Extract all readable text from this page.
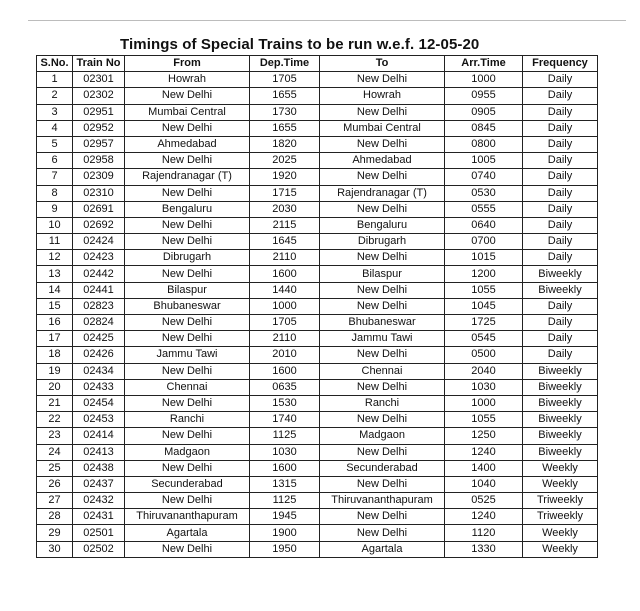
Timings of Special Trains to be run w.e.f. 12-05-20
S.No.	Train No	From	Dep.Time	To	Arr.Time	Frequency
1	02301	Howrah	1705	New Delhi	1000	Daily
2	02302	New Delhi	1655	Howrah	0955	Daily
3	02951	Mumbai Central	1730	New Delhi	0905	Daily
4	02952	New Delhi	1655	Mumbai Central	0845	Daily
5	02957	Ahmedabad	1820	New Delhi	0800	Daily
6	02958	New Delhi	2025	Ahmedabad	1005	Daily
7	02309	Rajendranagar (T)	1920	New Delhi	0740	Daily
8	02310	New Delhi	1715	Rajendranagar (T)	0530	Daily
9	02691	Bengaluru	2030	New Delhi	0555	Daily
10	02692	New Delhi	2115	Bengaluru	0640	Daily
11	02424	New Delhi	1645	Dibrugarh	0700	Daily
12	02423	Dibrugarh	2110	New Delhi	1015	Daily
13	02442	New Delhi	1600	Bilaspur	1200	Biweekly
14	02441	Bilaspur	1440	New Delhi	1055	Biweekly
15	02823	Bhubaneswar	1000	New Delhi	1045	Daily
16	02824	New Delhi	1705	Bhubaneswar	1725	Daily
17	02425	New Delhi	2110	Jammu Tawi	0545	Daily
18	02426	Jammu Tawi	2010	New Delhi	0500	Daily
19	02434	New Delhi	1600	Chennai	2040	Biweekly
20	02433	Chennai	0635	New Delhi	1030	Biweekly
21	02454	New Delhi	1530	Ranchi	1000	Biweekly
22	02453	Ranchi	1740	New Delhi	1055	Biweekly
23	02414	New Delhi	1125	Madgaon	1250	Biweekly
24	02413	Madgaon	1030	New Delhi	1240	Biweekly
25	02438	New Delhi	1600	Secunderabad	1400	Weekly
26	02437	Secunderabad	1315	New Delhi	1040	Weekly
27	02432	New Delhi	1125	Thiruvananthapuram	0525	Triweekly
28	02431	Thiruvananthapuram	1945	New Delhi	1240	Triweekly
29	02501	Agartala	1900	New Delhi	1120	Weekly
30	02502	New Delhi	1950	Agartala	1330	Weekly
